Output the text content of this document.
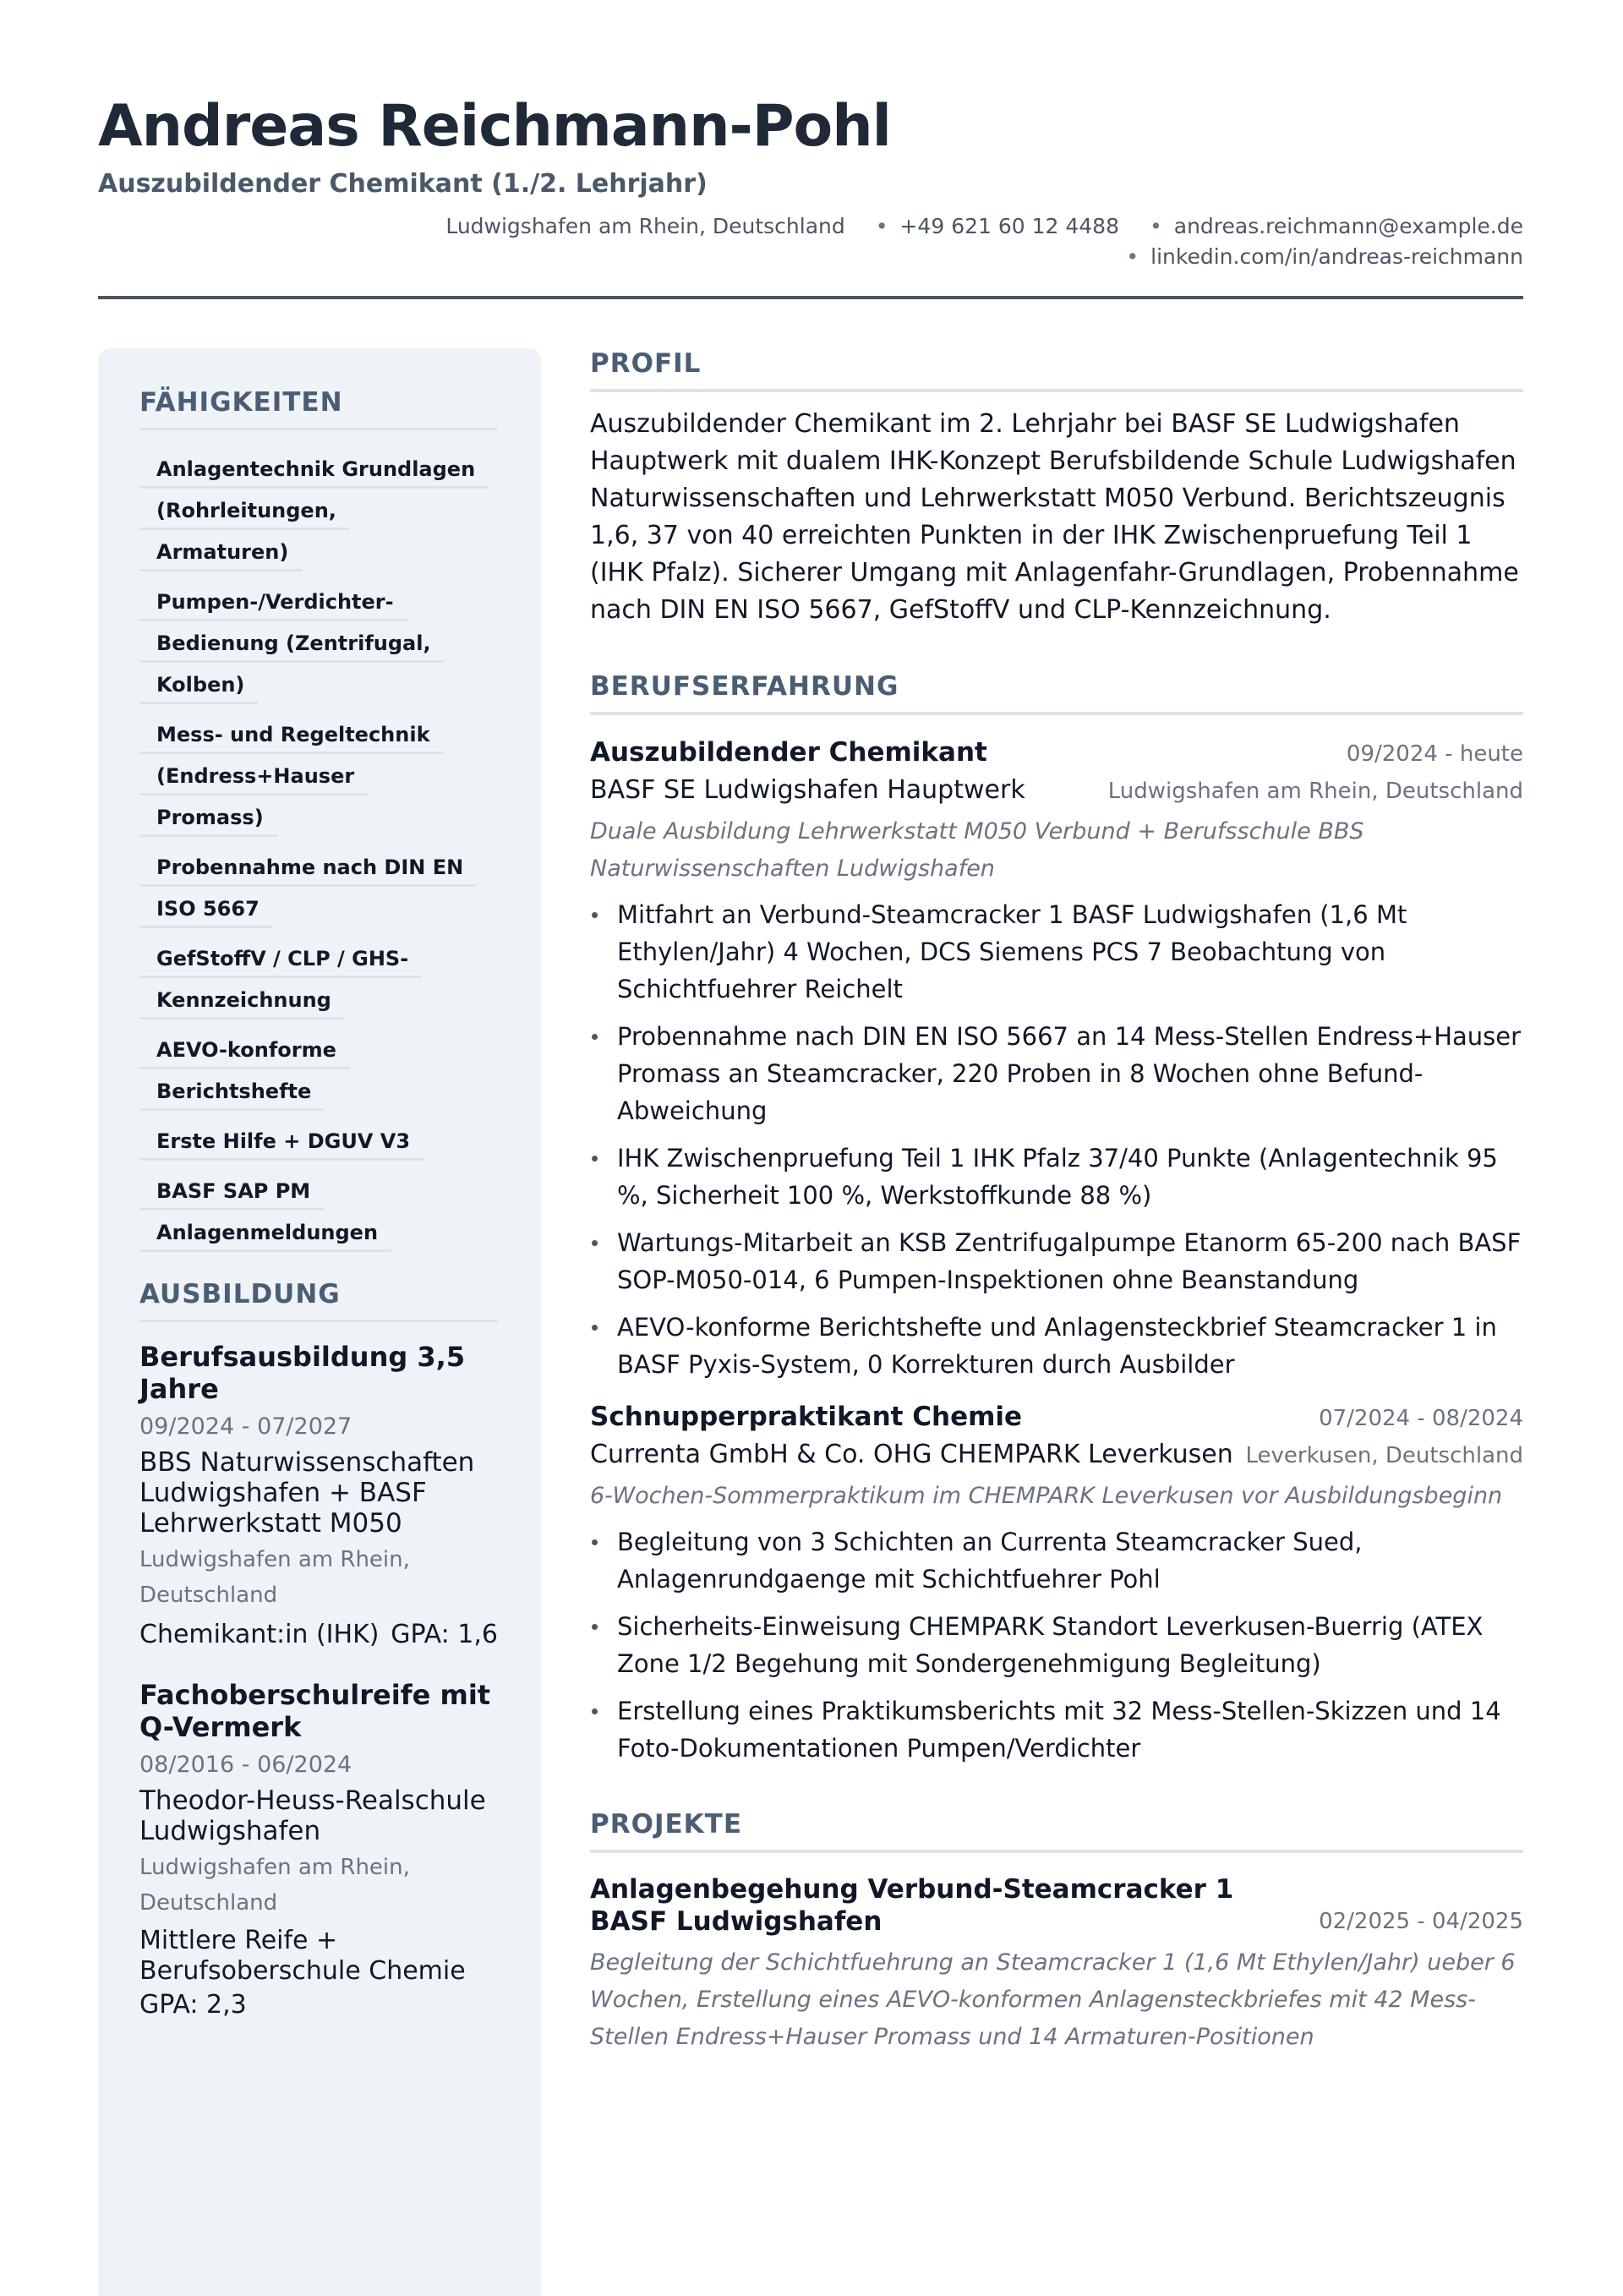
Andreas Reichmann-Pohl
Auszubildender Chemikant (1./2. Lehrjahr)
Ludwigshafen am Rhein, Deutschland • +49 621 60 12 4488 • andreas.reichmann@example.de
• linkedin.com/in/andreas-reichmann
FÄHIGKEITEN
Anlagentechnik Grundlagen (Rohrleitungen, Armaturen)
Pumpen-/Verdichter-Bedienung (Zentrifugal, Kolben)
Mess- und Regeltechnik (Endress+Hauser Promass)
Probennahme nach DIN EN ISO 5667
GefStoffV / CLP / GHS-Kennzeichnung
AEVO-konforme Berichtshefte
Erste Hilfe + DGUV V3
BASF SAP PM Anlagenmeldungen
AUSBILDUNG
Berufsausbildung 3,5 Jahre
09/2024 - 07/2027
BBS Naturwissenschaften Ludwigshafen + BASF Lehrwerkstatt M050
Ludwigshafen am Rhein, Deutschland
Chemikant:in (IHK) GPA: 1,6
Fachoberschulreife mit Q-Vermerk
08/2016 - 06/2024
Theodor-Heuss-Realschule Ludwigshafen
Ludwigshafen am Rhein, Deutschland
Mittlere Reife + Berufsoberschule Chemie
GPA: 2,3
PROFIL
Auszubildender Chemikant im 2. Lehrjahr bei BASF SE Ludwigshafen Hauptwerk mit dualem IHK-Konzept Berufsbildende Schule Ludwigshafen Naturwissenschaften und Lehrwerkstatt M050 Verbund. Berichtszeugnis 1,6, 37 von 40 erreichten Punkten in der IHK Zwischenpruefung Teil 1 (IHK Pfalz). Sicherer Umgang mit Anlagenfahr-Grundlagen, Probennahme nach DIN EN ISO 5667, GefStoffV und CLP-Kennzeichnung.
BERUFSERFAHRUNG
Auszubildender Chemikant	09/2024 - heute
BASF SE Ludwigshafen Hauptwerk	Ludwigshafen am Rhein, Deutschland
Duale Ausbildung Lehrwerkstatt M050 Verbund + Berufsschule BBS Naturwissenschaften Ludwigshafen
Mitfahrt an Verbund-Steamcracker 1 BASF Ludwigshafen (1,6 Mt Ethylen/Jahr) 4 Wochen, DCS Siemens PCS 7 Beobachtung von Schichtfuehrer Reichelt
Probennahme nach DIN EN ISO 5667 an 14 Mess-Stellen Endress+Hauser Promass an Steamcracker, 220 Proben in 8 Wochen ohne Befund-Abweichung
IHK Zwischenpruefung Teil 1 IHK Pfalz 37/40 Punkte (Anlagentechnik 95 %, Sicherheit 100 %, Werkstoffkunde 88 %)
Wartungs-Mitarbeit an KSB Zentrifugalpumpe Etanorm 65-200 nach BASF SOP-M050-014, 6 Pumpen-Inspektionen ohne Beanstandung
AEVO-konforme Berichtshefte und Anlagensteckbrief Steamcracker 1 in BASF Pyxis-System, 0 Korrekturen durch Ausbilder
Schnupperpraktikant Chemie	07/2024 - 08/2024
Currenta GmbH & Co. OHG CHEMPARK Leverkusen Leverkusen, Deutschland
6-Wochen-Sommerpraktikum im CHEMPARK Leverkusen vor Ausbildungsbeginn
Begleitung von 3 Schichten an Currenta Steamcracker Sued, Anlagenrundgaenge mit Schichtfuehrer Pohl
Sicherheits-Einweisung CHEMPARK Standort Leverkusen-Buerrig (ATEX Zone 1/2 Begehung mit Sondergenehmigung Begleitung)
Erstellung eines Praktikumsberichts mit 32 Mess-Stellen-Skizzen und 14 Foto-Dokumentationen Pumpen/Verdichter
PROJEKTE
Anlagenbegehung Verbund-Steamcracker 1 BASF Ludwigshafen	02/2025 - 04/2025
Begleitung der Schichtfuehrung an Steamcracker 1 (1,6 Mt Ethylen/Jahr) ueber 6 Wochen, Erstellung eines AEVO-konformen Anlagensteckbriefes mit 42 Mess-Stellen Endress+Hauser Promass und 14 Armaturen-Positionen
